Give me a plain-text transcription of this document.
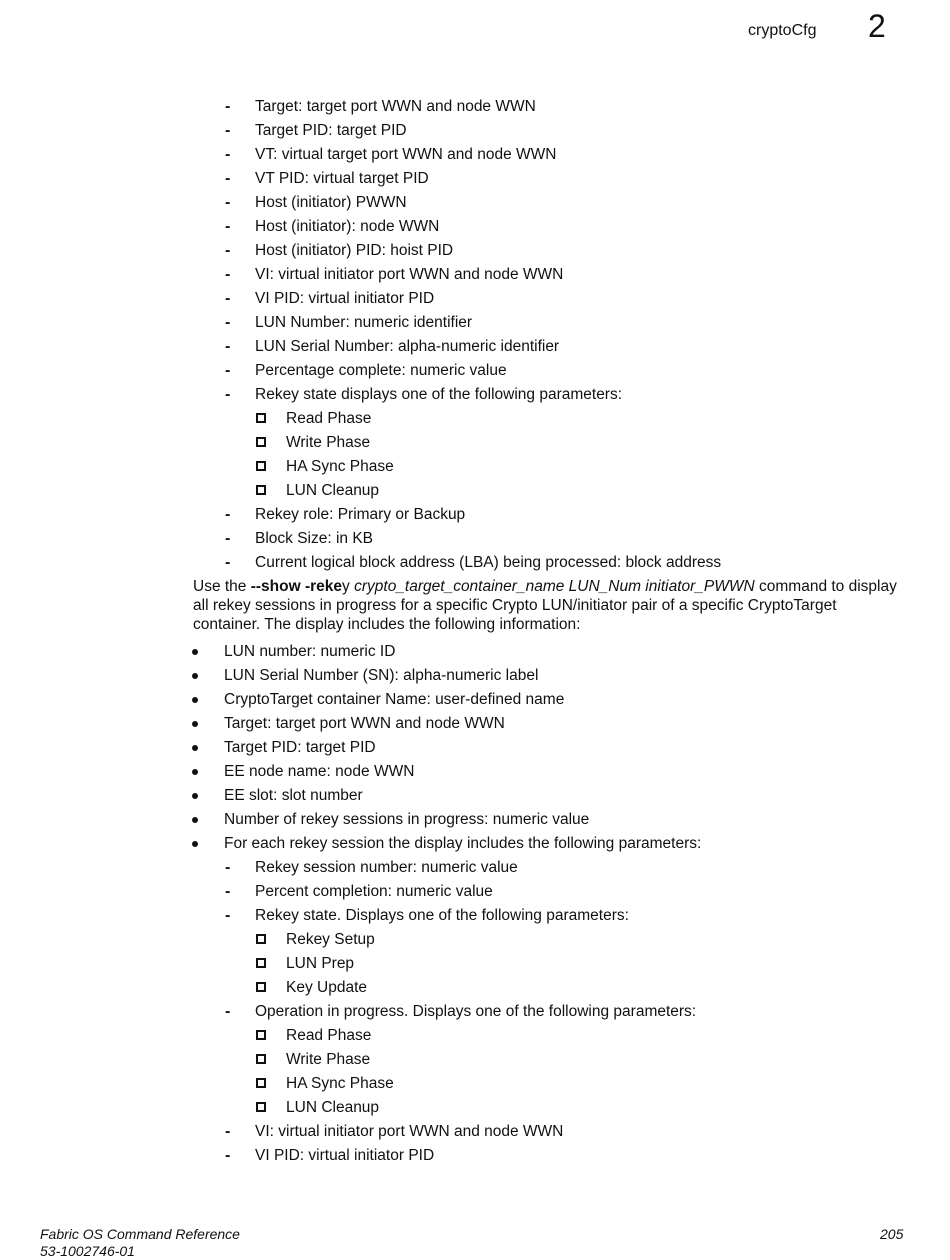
cryptoCfg 2
- Target: target port WWN and node WWN
- Target PID: target PID
- VT: virtual target port WWN and node WWN
- VT PID: virtual target PID
- Host (initiator) PWWN
- Host (initiator): node WWN
- Host (initiator) PID: hoist PID
- VI: virtual initiator port WWN and node WWN
- VI PID: virtual initiator PID
- LUN Number: numeric identifier
- LUN Serial Number: alpha-numeric identifier
- Percentage complete: numeric value
- Rekey state displays one of the following parameters:
Read Phase
Write Phase
HA Sync Phase
LUN Cleanup
- Rekey role: Primary or Backup
- Block Size: in KB
- Current logical block address (LBA) being processed: block address
Use the --show -rekey crypto_target_container_name LUN_Num initiator_PWWN command to display all rekey sessions in progress for a specific Crypto LUN/initiator pair of a specific CryptoTarget container. The display includes the following information:
LUN number: numeric ID
LUN Serial Number (SN): alpha-numeric label
CryptoTarget container Name: user-defined name
Target: target port WWN and node WWN
Target PID: target PID
EE node name: node WWN
EE slot: slot number
Number of rekey sessions in progress: numeric value
For each rekey session the display includes the following parameters:
- Rekey session number: numeric value
- Percent completion: numeric value
- Rekey state. Displays one of the following parameters:
Rekey Setup
LUN Prep
Key Update
- Operation in progress. Displays one of the following parameters:
Read Phase
Write Phase
HA Sync Phase
LUN Cleanup
- VI: virtual initiator port WWN and node WWN
- VI PID: virtual initiator PID
Fabric OS Command Reference
53-1002746-01
205
